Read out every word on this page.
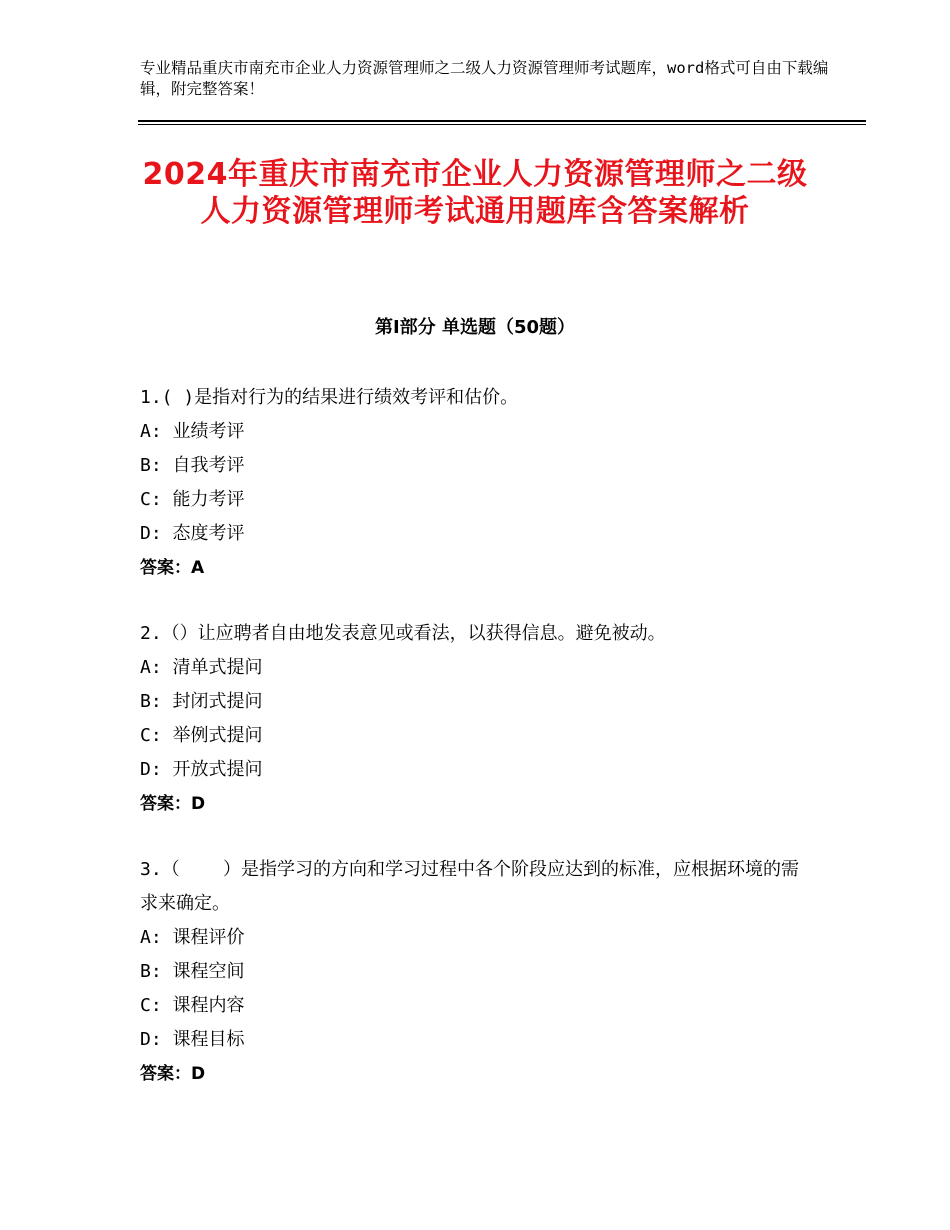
专业精品重庆市南充市企业人力资源管理师之二级人力资源管理师考试题库，word格式可自由下载编辑，附完整答案！
2024年重庆市南充市企业人力资源管理师之二级人力资源管理师考试通用题库含答案解析
第Ⅰ部分 单选题（50题）
1.( )是指对行为的结果进行绩效考评和估价。
A: 业绩考评
B: 自我考评
C: 能力考评
D: 态度考评
答案：A
2.（）让应聘者自由地发表意见或看法，以获得信息。避免被动。
A: 清单式提问
B: 封闭式提问
C: 举例式提问
D: 开放式提问
答案：D
3.（    ）是指学习的方向和学习过程中各个阶段应达到的标准，应根据环境的需求来确定。
A: 课程评价
B: 课程空间
C: 课程内容
D: 课程目标
答案：D
